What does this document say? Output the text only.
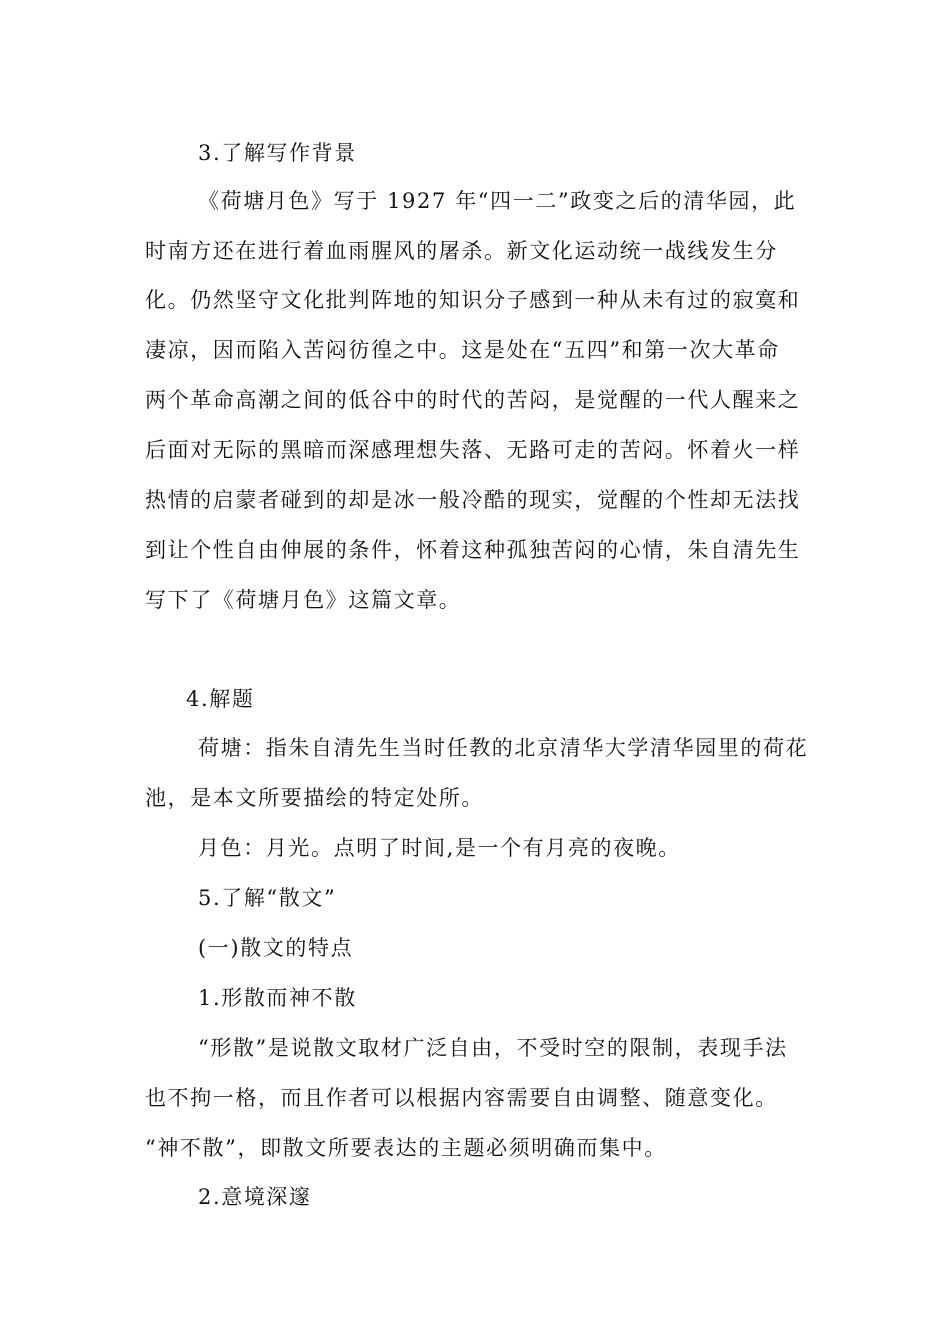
3.了解写作背景
《荷塘月色》写于 1927 年“四一二”政变之后的清华园，此
时南方还在进行着血雨腥风的屠杀。新文化运动统一战线发生分
化。仍然坚守文化批判阵地的知识分子感到一种从未有过的寂寞和
凄凉，因而陷入苦闷彷徨之中。这是处在“五四”和第一次大革命
两个革命高潮之间的低谷中的时代的苦闷，是觉醒的一代人醒来之
后面对无际的黑暗而深感理想失落、无路可走的苦闷。怀着火一样
热情的启蒙者碰到的却是冰一般冷酷的现实，觉醒的个性却无法找
到让个性自由伸展的条件，怀着这种孤独苦闷的心情，朱自清先生
写下了《荷塘月色》这篇文章。
4.解题
荷塘：指朱自清先生当时任教的北京清华大学清华园里的荷花
池，是本文所要描绘的特定处所。
月色：月光。点明了时间,是一个有月亮的夜晚。
5.了解“散文”
(一)散文的特点
1.形散而神不散
“形散”是说散文取材广泛自由，不受时空的限制，表现手法
也不拘一格，而且作者可以根据内容需要自由调整、随意变化。
“神不散”，即散文所要表达的主题必须明确而集中。
2.意境深邃
